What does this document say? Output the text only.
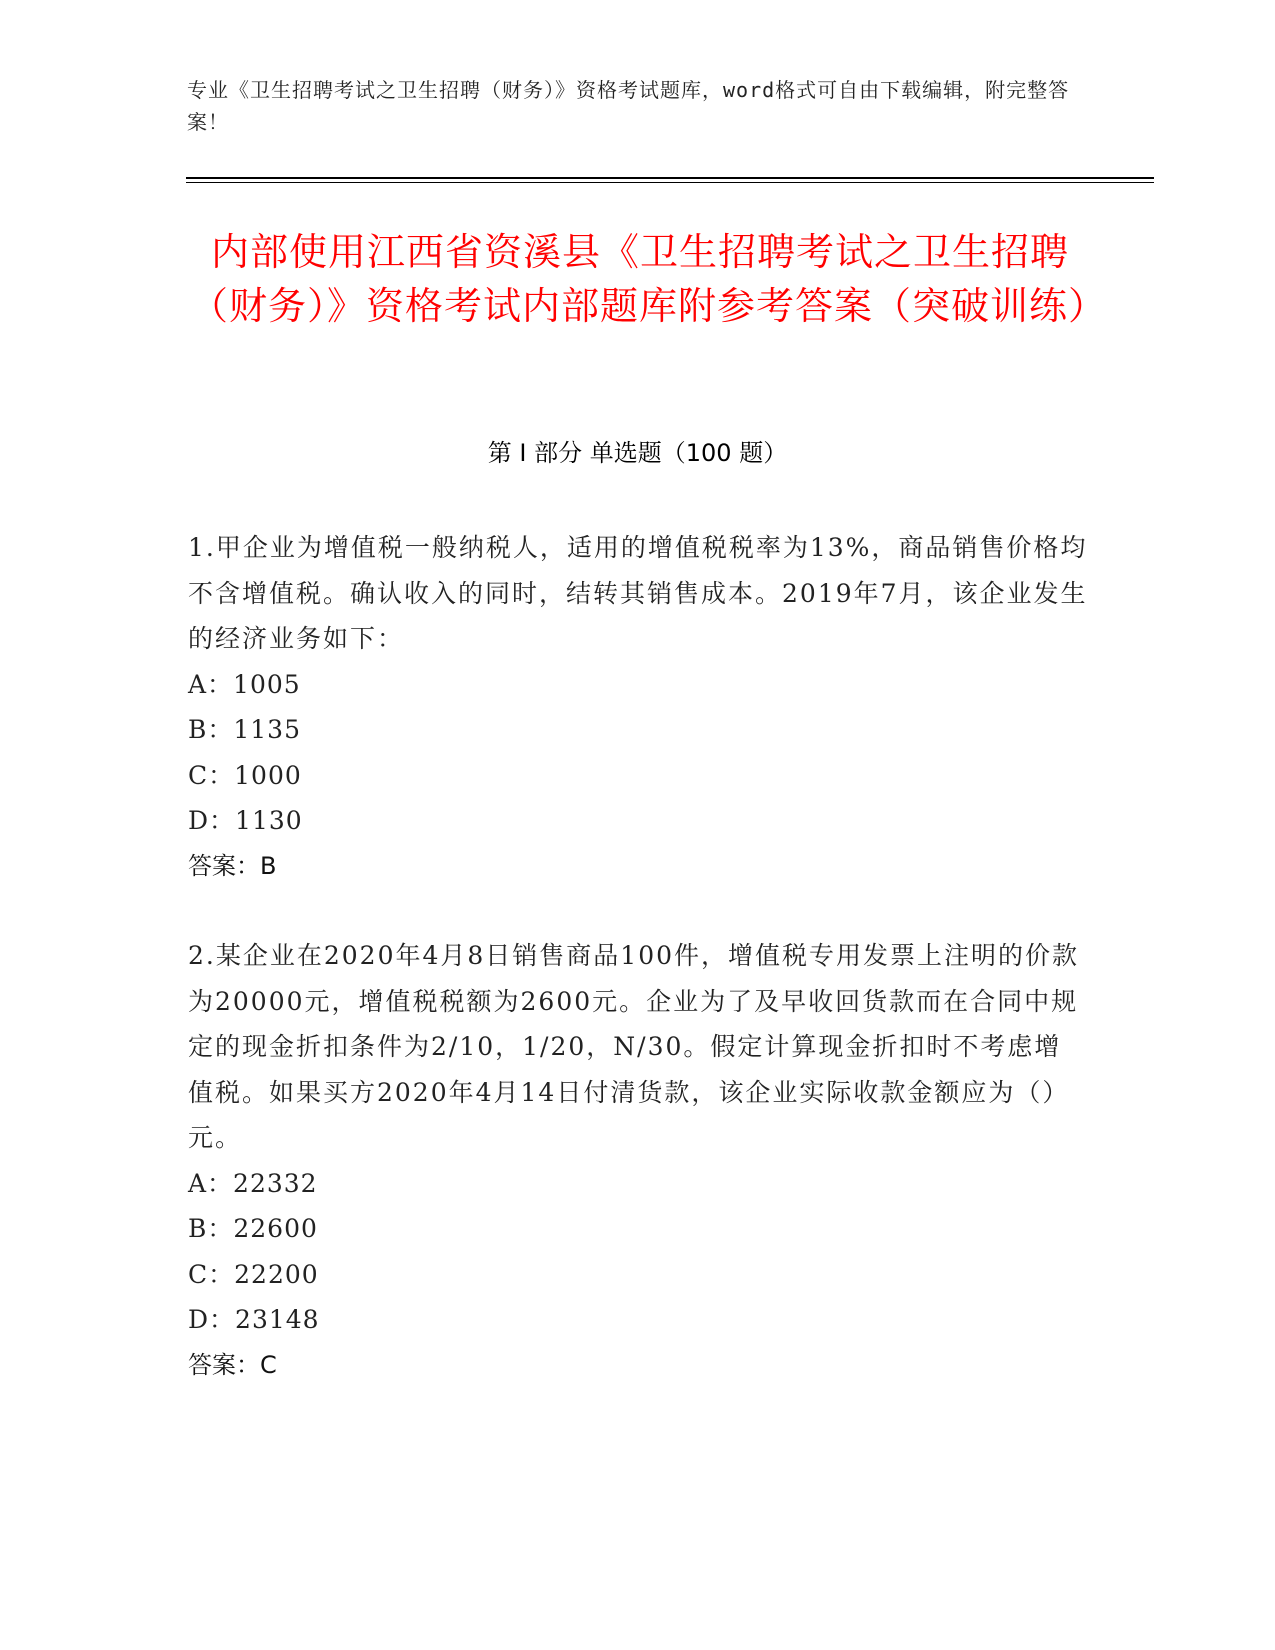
专业《卫生招聘考试之卫生招聘（财务）》资格考试题库，word格式可自由下载编辑，附完整答案！
内部使用江西省资溪县《卫生招聘考试之卫生招聘（财务）》资格考试内部题库附参考答案（突破训练）
第 I 部分 单选题（100 题）

1.甲企业为增值税一般纳税人，适用的增值税税率为13%，商品销售价格均不含增值税。确认收入的同时，结转其销售成本。2019年7月，该企业发生的经济业务如下：

A：1005

B：1135

C：1000

D：1130

答案：B

2.某企业在2020年4月8日销售商品100件，增值税专用发票上注明的价款为20000元，增值税税额为2600元。企业为了及早收回货款而在合同中规定的现金折扣条件为2/10，1/20，N/30。假定计算现金折扣时不考虑增值税。如果买方2020年4月14日付清货款，该企业实际收款金额应为（）元。

A：22332

B：22600

C：22200

D：23148

答案：C
